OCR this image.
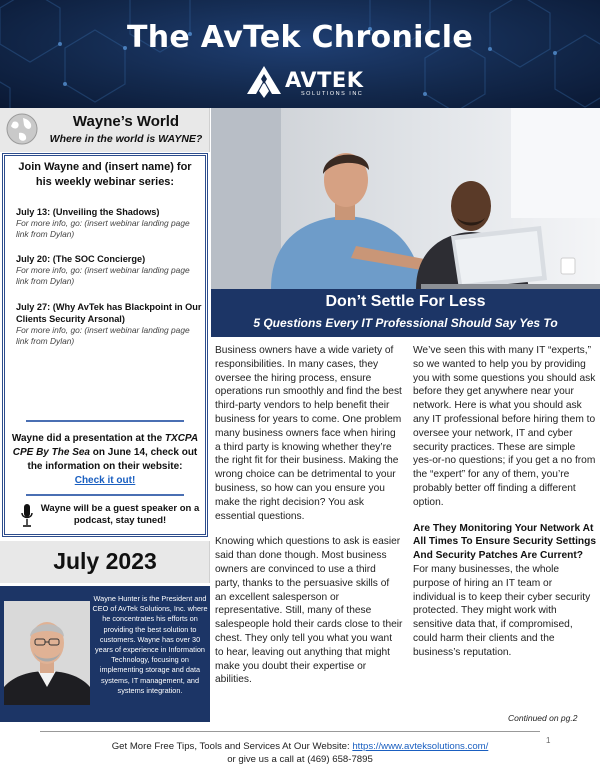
The AvTek Chronicle
AVTEK
SOLUTIONS INC
Wayne’s World
Where in the world is WAYNE?
Join Wayne and (insert name) for his weekly webinar series:
July 13: (Unveiling the Shadows)
For more info, go: (insert webinar landing page link from Dylan)
July 20: (The SOC Concierge)
For more info, go: (insert webinar landing page link from Dylan)
July 27: (Why AvTek has Blackpoint in Our Clients Security Arsonal)
For more info, go: (insert webinar landing page link from Dylan)
Wayne did a presentation at the TXCPA CPE By The Sea on June 14, check out the information on their website:
Check it out!
Wayne will be a guest speaker on a podcast, stay tuned!
July 2023
Wayne Hunter is the President and CEO of AvTek Solutions, Inc. where he concentrates his efforts on providing the best solution to customers. Wayne has over 30 years of experience in Information Technology, focusing on implementing storage and data systems, IT management, and systems integration.
Don’t Settle For Less
5 Questions Every IT Professional Should Say Yes To

Business owners have a wide variety of responsibilities. In many cases, they oversee the hiring process, ensure operations run smoothly and find the best third-party vendors to help benefit their business for years to come. One problem many business owners face when hiring a third party is knowing whether they’re the right fit for their business. Making the wrong choice can be detrimental to your business, so how can you ensure you make the right decision? You ask essential questions.

Knowing which questions to ask is easier said than done though. Most business owners are convinced to use a third party, thanks to the persuasive skills of an excellent salesperson or representative. Still, many of these salespeople hold their cards close to their chest. They only tell you what you want to hear, leaving out anything that might make you doubt their expertise or abilities.

We’ve seen this with many IT “experts,” so we wanted to help you by providing you with some questions you should ask before they get anywhere near your network. Here is what you should ask any IT professional before hiring them to oversee your network, IT and cyber security practices. These are simple yes-or-no questions; if you get a no from the “expert” for any of them, you’re probably better off finding a different option.

Are They Monitoring Your Network At All Times To Ensure Security Settings And Security Patches Are Current?

For many businesses, the whole purpose of hiring an IT team or individual is to keep their cyber security protected. They might work with sensitive data that, if compromised, could harm their clients and the business’s reputation.

Continued on pg.2
1
Get More Free Tips, Tools and Services At Our Website: https://www.avteksolutions.com/
or give us a call at (469) 658-7895
